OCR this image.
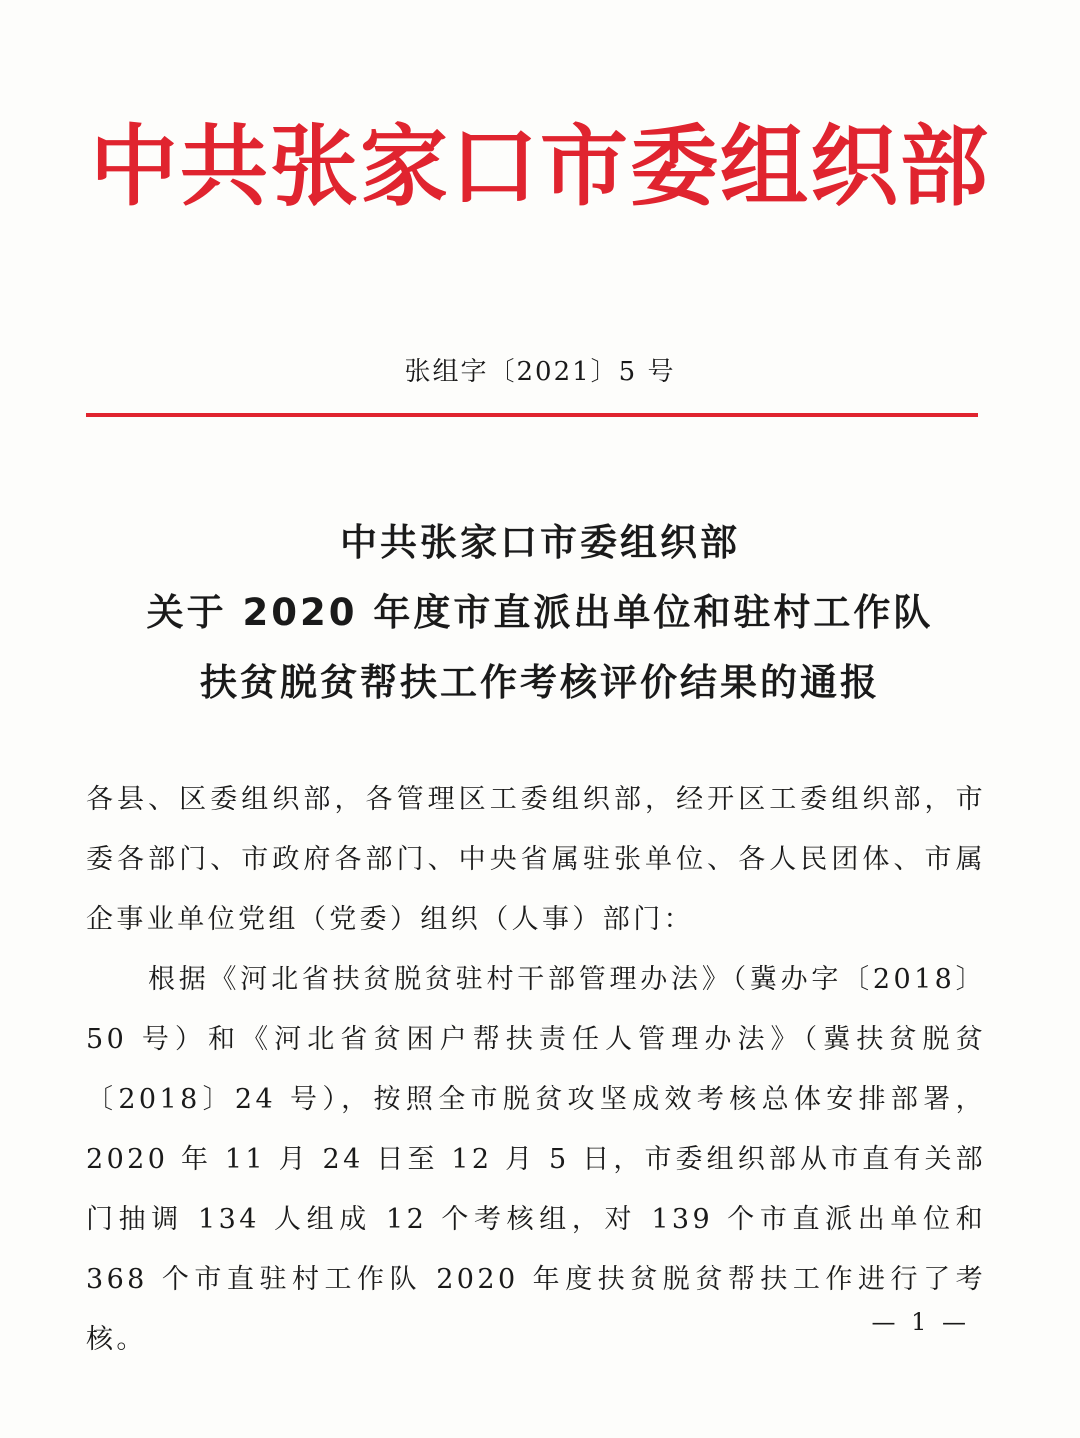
中共张家口市委组织部
张组字〔2021〕5 号
中共张家口市委组织部
关于 2020 年度市直派出单位和驻村工作队
扶贫脱贫帮扶工作考核评价结果的通报

各县、区委组织部，各管理区工委组织部，经开区工委组织部，市委各部门、市政府各部门、中央省属驻张单位、各人民团体、市属企事业单位党组（党委）组织（人事）部门：

根据《河北省扶贫脱贫驻村干部管理办法》（冀办字〔2018〕50 号）和《河北省贫困户帮扶责任人管理办法》（冀扶贫脱贫〔2018〕24 号），按照全市脱贫攻坚成效考核总体安排部署，2020 年 11 月 24 日至 12 月 5 日，市委组织部从市直有关部门抽调 134 人组成 12 个考核组，对 139 个市直派出单位和 368 个市直驻村工作队 2020 年度扶贫脱贫帮扶工作进行了考核。

— 1 —
